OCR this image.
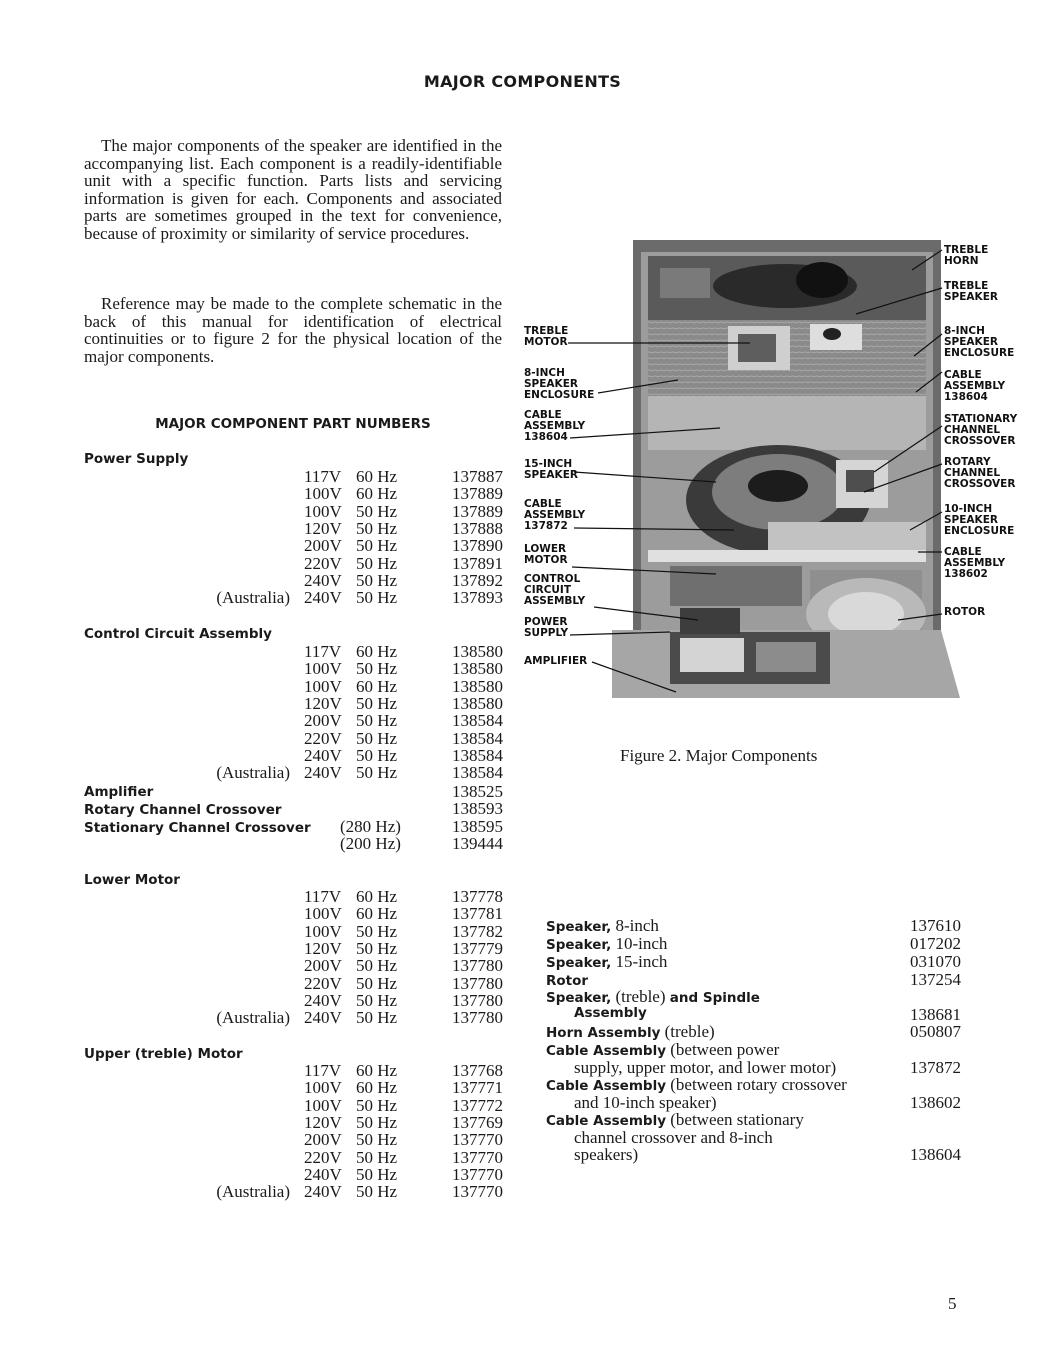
MAJOR COMPONENTS

The major components of the speaker are identified in the accompanying list. Each component is a readily-identifiable unit with a specific function. Parts lists and servicing information is given for each. Components and associated parts are sometimes grouped in the text for convenience, because of proximity or similarity of service procedures.

Reference may be made to the complete schematic in the back of this manual for identification of electrical continuities or to figure 2 for the physical location of the major components.

MAJOR COMPONENT PART NUMBERS
Power Supply
117V 60 Hz	137887
100V 60 Hz	137889
100V 50 Hz	137889
120V 50 Hz	137888
200V 50 Hz	137890
220V 50 Hz	137891
240V 50 Hz	137892
(Australia) 240V 50 Hz	137893
Control Circuit Assembly
117V 60 Hz	138580
100V 50 Hz	138580
100V 60 Hz	138580
120V 50 Hz	138580
200V 50 Hz	138584
220V 50 Hz	138584
240V 50 Hz	138584
(Australia) 240V 50 Hz	138584
Lower Motor
117V 60 Hz	137778
100V 60 Hz	137781
100V 50 Hz	137782
120V 50 Hz	137779
200V 50 Hz	137780
220V 50 Hz	137780
240V 50 Hz	137780
(Australia) 240V 50 Hz	137780
Upper (treble) Motor
117V 60 Hz	137768
100V 60 Hz	137771
100V 50 Hz	137772
120V 50 Hz	137769
200V 50 Hz	137770
220V 50 Hz	137770
240V 50 Hz	137770
(Australia) 240V 50 Hz	137770
Amplifier	138525
Rotary Channel Crossover	138593
Stationary Channel Crossover (280 Hz)	138595
(200 Hz)	139444
TREBLE
MOTOR
8-INCH
SPEAKER
ENCLOSURE
CABLE
ASSEMBLY
138604
15-INCH
SPEAKER
CABLE
ASSEMBLY
137872
LOWER
MOTOR
CONTROL
CIRCUIT
ASSEMBLY
POWER
SUPPLY
AMPLIFIER
TREBLE
HORN
TREBLE
SPEAKER
8-INCH
SPEAKER
ENCLOSURE
CABLE
ASSEMBLY
138604
STATIONARY
CHANNEL
CROSSOVER
ROTARY
CHANNEL
CROSSOVER
10-INCH
SPEAKER
ENCLOSURE
CABLE
ASSEMBLY
138602
ROTOR
Figure 2. Major Components
Speaker, 8-inch	137610
Speaker, 10-inch	017202
Speaker, 15-inch	031070
Rotor	137254
Speaker, (treble) and Spindle
Assembly	138681
Horn Assembly (treble)	050807
Cable Assembly (between power
supply, upper motor, and lower motor)	137872
Cable Assembly (between rotary crossover
and 10-inch speaker)	138602
Cable Assembly (between stationary
channel crossover and 8-inch
speakers)	138604
5
